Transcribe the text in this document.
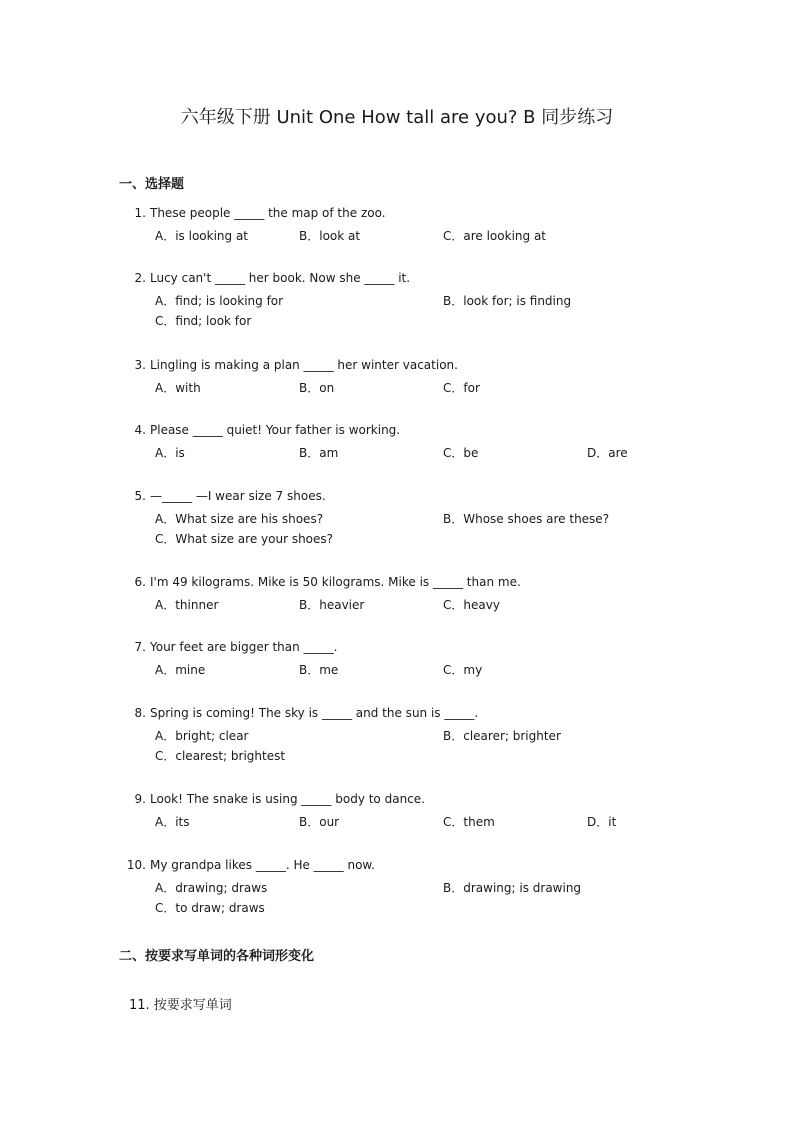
六年级下册 Unit One How tall are you? B 同步练习
一、选择题
1. These people _____ the map of the zoo.
A．is looking at	B．look at	C．are looking at
2. Lucy can't _____ her book. Now she _____ it.
A．find; is looking for	B．look for; is finding
C．find; look for
3. Lingling is making a plan _____ her winter vacation.
A．with	B．on	C．for
4. Please _____ quiet! Your father is working.
A．is	B．am	C．be	D．are
5. —_____ —I wear size 7 shoes.
A．What size are his shoes?	B．Whose shoes are these?
C．What size are your shoes?
6. I'm 49 kilograms. Mike is 50 kilograms. Mike is _____ than me.
A．thinner	B．heavier	C．heavy
7. Your feet are bigger than _____.
A．mine	B．me	C．my
8. Spring is coming! The sky is _____ and the sun is _____.
A．bright; clear	B．clearer; brighter
C．clearest; brightest
9. Look! The snake is using _____ body to dance.
A．its	B．our	C．them	D．it
10. My grandpa likes _____. He _____ now.
A．drawing; draws	B．drawing; is drawing
C．to draw; draws
二、按要求写单词的各种词形变化
11. 按要求写单词
